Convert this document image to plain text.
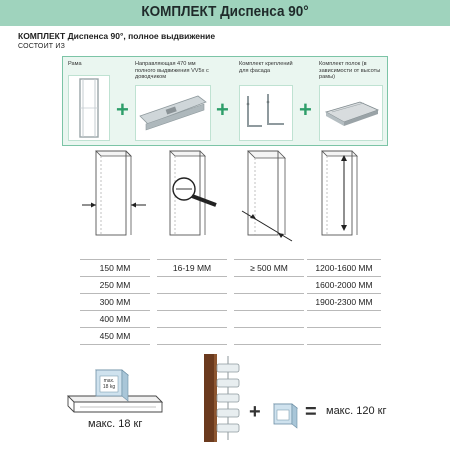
КОМПЛЕКТ Диспенса 90°
КОМПЛЕКТ Диспенса 90°, полное выдвижение
СОСТОИТ ИЗ
Рама
+
Направляющая 470 мм полного выдвижения VV5x с доводчиком
+
Комплект креплений для фасада
+
Комплект полок (в зависимости от высоты рамы)
150 ММ
250 ММ
300 ММ
400 ММ
450 ММ
16-19 ММ	≥ 500 ММ	1200-1600 ММ
1600-2000 ММ
1900-2300 ММ
max.
18 kg
макс. 18 кг
+ = макс. 120 кг
